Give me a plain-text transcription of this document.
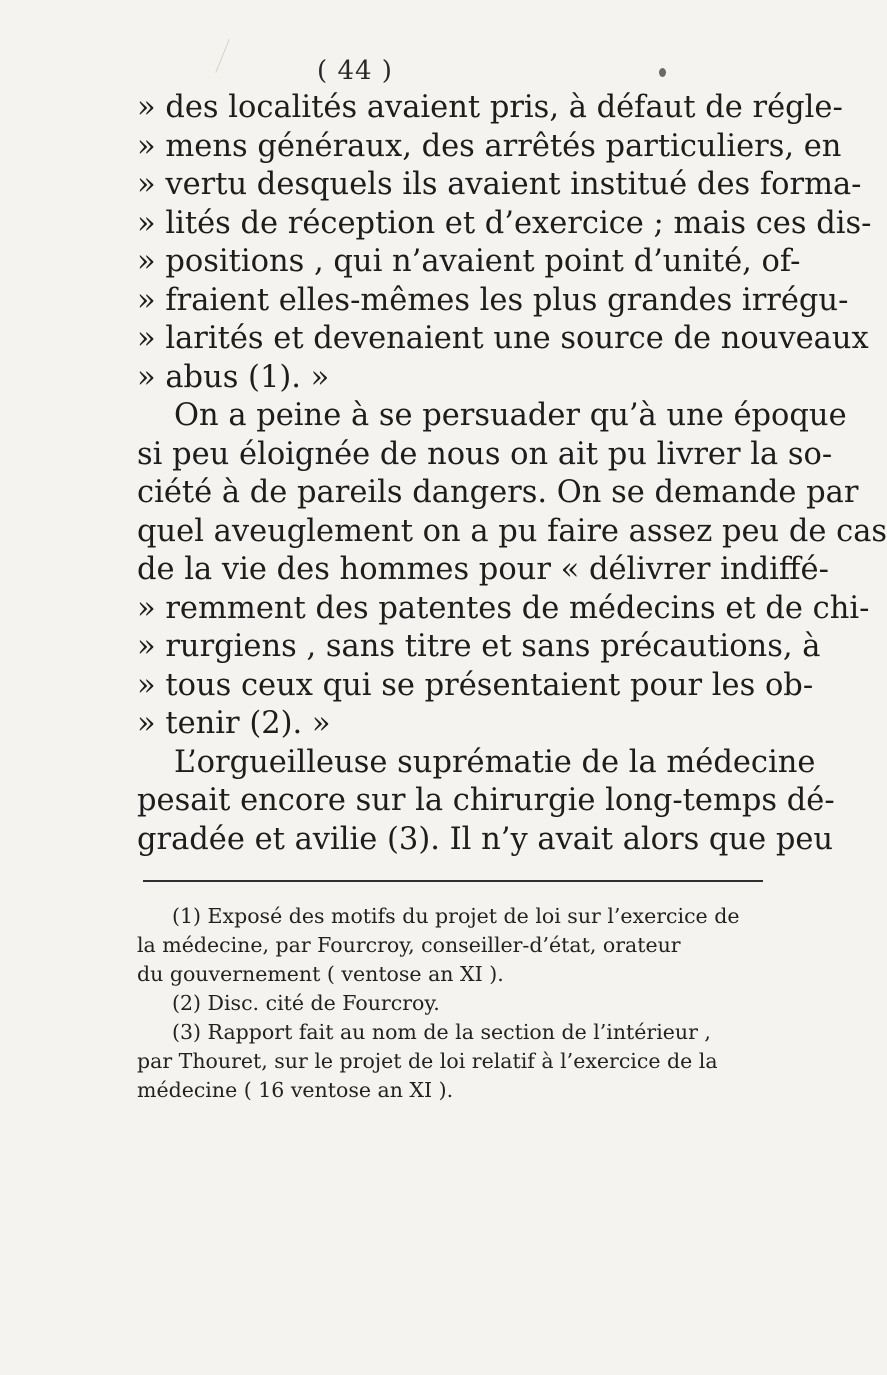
( 44 )
» des localités avaient pris, à défaut de régle-
» mens généraux, des arrêtés particuliers, en
» vertu desquels ils avaient institué des forma-
» lités de réception et d’exercice ; mais ces dis-
» positions , qui n’avaient point d’unité, of-
» fraient elles-mêmes les plus grandes irrégu-
» larités et devenaient une source de nouveaux
» abus (1). »
On a peine à se persuader qu’à une époque
si peu éloignée de nous on ait pu livrer la so-
ciété à de pareils dangers. On se demande par
quel aveuglement on a pu faire assez peu de cas
de la vie des hommes pour « délivrer indiffé-
» remment des patentes de médecins et de chi-
» rurgiens , sans titre et sans précautions, à
» tous ceux qui se présentaient pour les ob-
» tenir (2). »
L’orgueilleuse suprématie de la médecine
pesait encore sur la chirurgie long-temps dé-
gradée et avilie (3). Il n’y avait alors que peu
(1) Exposé des motifs du projet de loi sur l’exercice de
la médecine, par Fourcroy, conseiller-d’état, orateur
du gouvernement ( ventose an XI ).
(2) Disc. cité de Fourcroy.
(3) Rapport fait au nom de la section de l’intérieur ,
par Thouret, sur le projet de loi relatif à l’exercice de la
médecine ( 16 ventose an XI ).
